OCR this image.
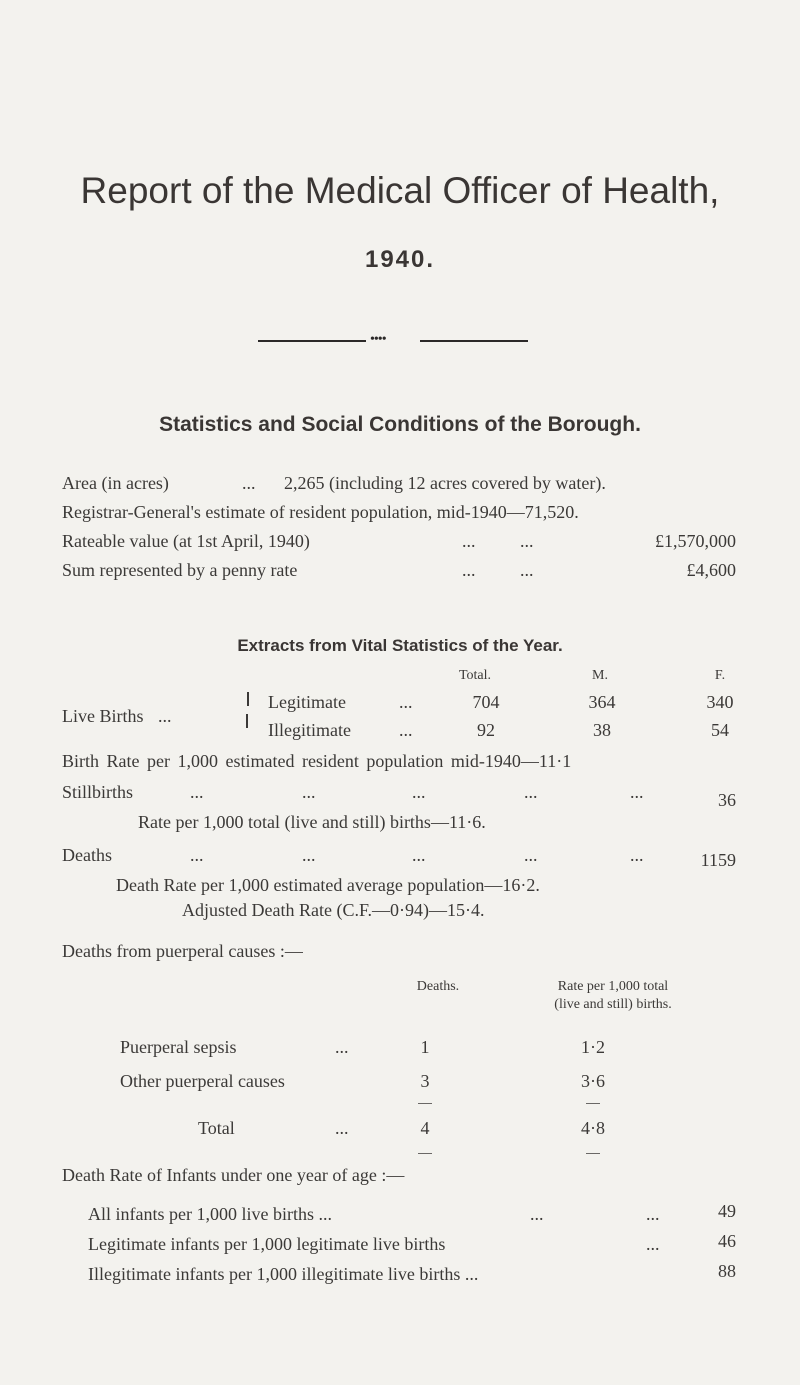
Report of the Medical Officer of Health,
1940.
••••
Statistics and Social Conditions of the Borough.
Area (in acres)	... 2,265 (including 12 acres covered by water).
Registrar-General's estimate of resident population, mid-1940—71,520.
Rateable value (at 1st April, 1940)	... ...	£1,570,000
Sum represented by a penny rate	... ...	£4,600
Extracts from Vital Statistics of the Year.
Total.	M.	F.
Legitimate	...	704	364	340
Live Births ...
Illegitimate	...	92	38	54
Birth Rate per 1,000 estimated resident population mid-1940—11·1
Stillbirths	...	...	...	...	...	36
Rate per 1,000 total (live and still) births—11·6.
Deaths	...	...	...	...	...	1159
Death Rate per 1,000 estimated average population—16·2.
Adjusted Death Rate (C.F.—0·94)—15·4.
Deaths from puerperal causes :—
Deaths.	Rate per 1,000 total
(live and still) births.
Puerperal sepsis	...	1	1·2
Other puerperal causes	3	3·6
Total	...	4	4·8
Death Rate of Infants under one year of age :—
All infants per 1,000 live births ...	...	...	49
Legitimate infants per 1,000 legitimate live births	...	46
Illegitimate infants per 1,000 illegitimate live births ...	88
